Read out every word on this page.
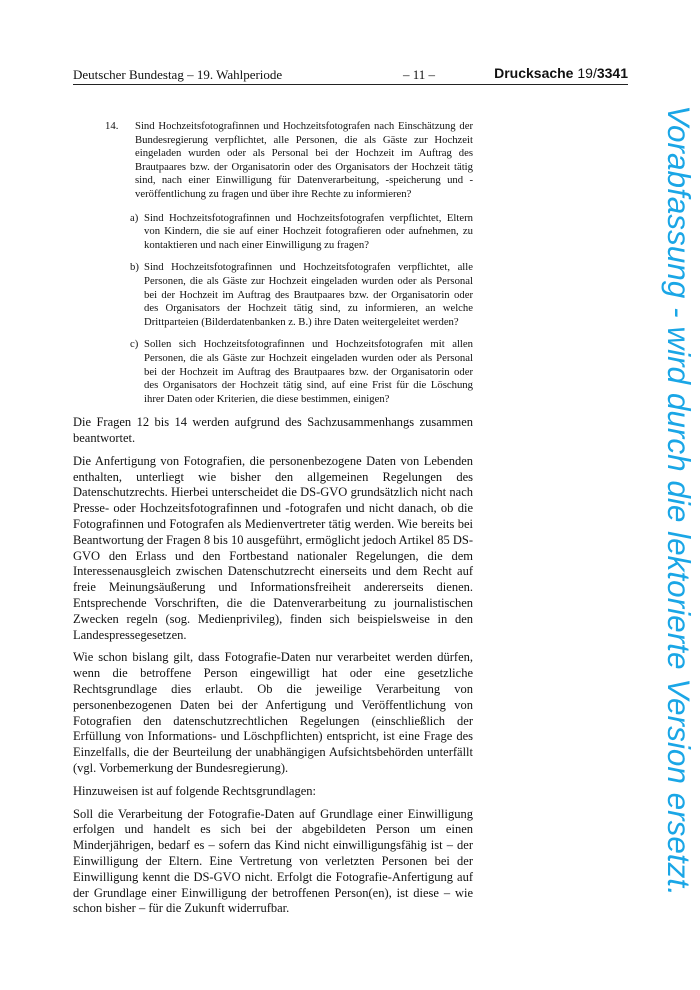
Deutscher Bundestag – 19. Wahlperiode	– 11 –	Drucksache 19/3341
14.	Sind Hochzeitsfotografinnen und Hochzeitsfotografen nach Einschätzung der Bundesregierung verpflichtet, alle Personen, die als Gäste zur Hochzeit eingeladen wurden oder als Personal bei der Hochzeit im Auftrag des Brautpaares bzw. der Organisatorin oder des Organisators der Hochzeit tätig sind, nach einer Einwilligung für Datenverarbeitung, -speicherung und -veröffentlichung zu fragen und über ihre Rechte zu informieren?
a) Sind Hochzeitsfotografinnen und Hochzeitsfotografen verpflichtet, Eltern von Kindern, die sie auf einer Hochzeit fotografieren oder aufnehmen, zu kontaktieren und nach einer Einwilligung zu fragen?
b) Sind Hochzeitsfotografinnen und Hochzeitsfotografen verpflichtet, alle Personen, die als Gäste zur Hochzeit eingeladen wurden oder als Personal bei der Hochzeit im Auftrag des Brautpaares bzw. der Organisatorin oder des Organisators der Hochzeit tätig sind, zu informieren, an welche Drittparteien (Bilderdatenbanken z. B.) ihre Daten weitergeleitet werden?
c) Sollen sich Hochzeitsfotografinnen und Hochzeitsfotografen mit allen Personen, die als Gäste zur Hochzeit eingeladen wurden oder als Personal bei der Hochzeit im Auftrag des Brautpaares bzw. der Organisatorin oder des Organisators der Hochzeit tätig sind, auf eine Frist für die Löschung ihrer Daten oder Kriterien, die diese bestimmen, einigen?

Die Fragen 12 bis 14 werden aufgrund des Sachzusammenhangs zusammen beantwortet.

Die Anfertigung von Fotografien, die personenbezogene Daten von Lebenden enthalten, unterliegt wie bisher den allgemeinen Regelungen des Datenschutzrechts. Hierbei unterscheidet die DS-GVO grundsätzlich nicht nach Presse- oder Hochzeitsfotografinnen und -fotografen und nicht danach, ob die Fotografinnen und Fotografen als Medienvertreter tätig werden. Wie bereits bei Beantwortung der Fragen 8 bis 10 ausgeführt, ermöglicht jedoch Artikel 85 DS-GVO den Erlass und den Fortbestand nationaler Regelungen, die dem Interessenausgleich zwischen Datenschutzrecht einerseits und dem Recht auf freie Meinungsäußerung und Informationsfreiheit andererseits dienen. Entsprechende Vorschriften, die die Datenverarbeitung zu journalistischen Zwecken regeln (sog. Medienprivileg), finden sich beispielsweise in den Landespressegesetzen.

Wie schon bislang gilt, dass Fotografie-Daten nur verarbeitet werden dürfen, wenn die betroffene Person eingewilligt hat oder eine gesetzliche Rechtsgrundlage dies erlaubt. Ob die jeweilige Verarbeitung von personenbezogenen Daten bei der Anfertigung und Veröffentlichung von Fotografien den datenschutzrechtlichen Regelungen (einschließlich der Erfüllung von Informations- und Löschpflichten) entspricht, ist eine Frage des Einzelfalls, die der Beurteilung der unabhängigen Aufsichtsbehörden unterfällt (vgl. Vorbemerkung der Bundesregierung).

Hinzuweisen ist auf folgende Rechtsgrundlagen:

Soll die Verarbeitung der Fotografie-Daten auf Grundlage einer Einwilligung erfolgen und handelt es sich bei der abgebildeten Person um einen Minderjährigen, bedarf es – sofern das Kind nicht einwilligungsfähig ist – der Einwilligung der Eltern. Eine Vertretung von verletzten Personen bei der Einwilligung kennt die DS-GVO nicht. Erfolgt die Fotografie-Anfertigung auf der Grundlage einer Einwilligung der betroffenen Person(en), ist diese – wie schon bisher – für die Zukunft widerrufbar.

Vorabfassung - wird durch die lektorierte Version ersetzt.
